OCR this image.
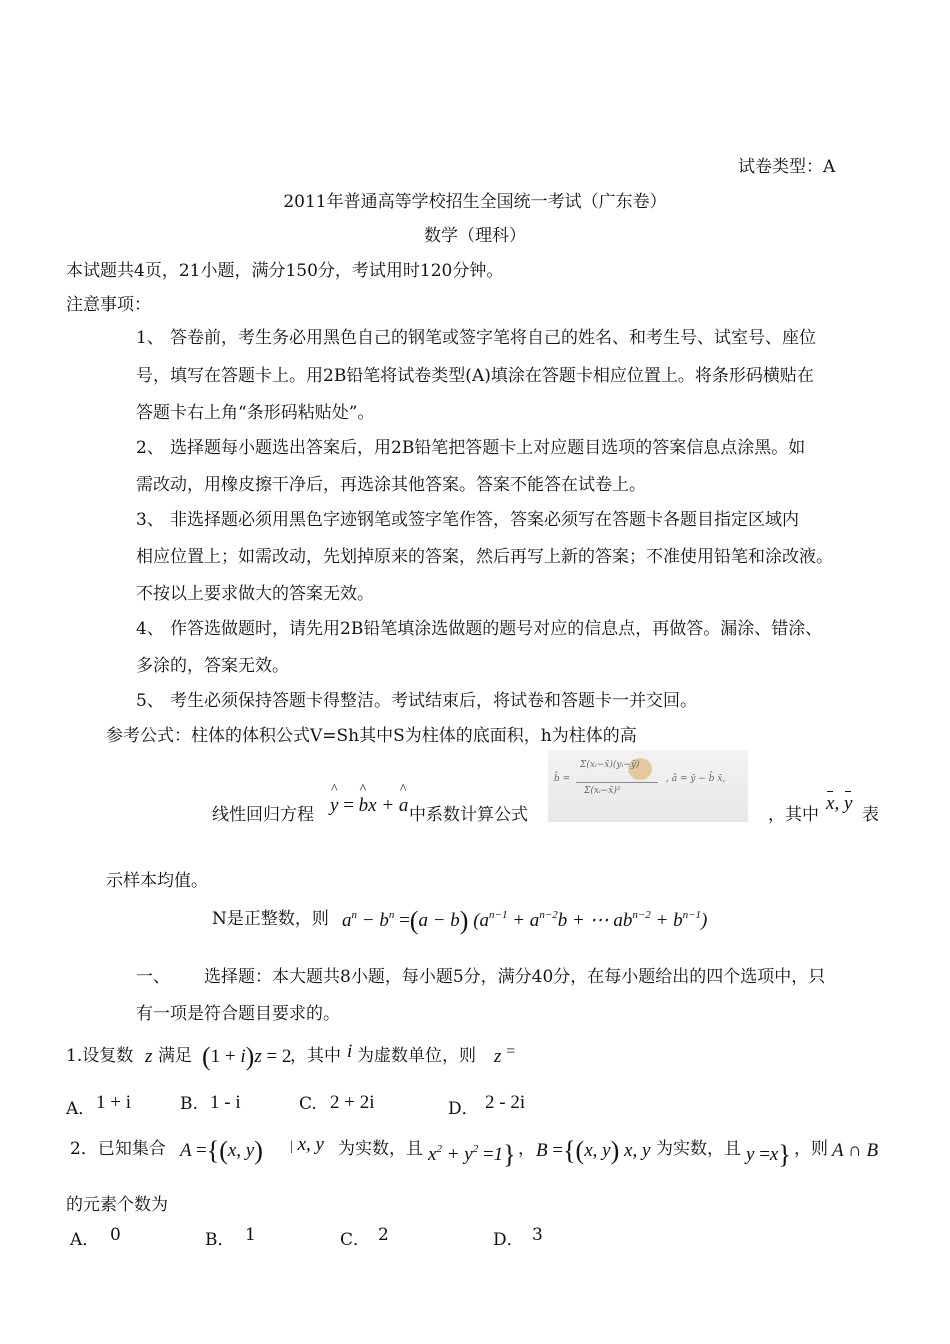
试卷类型：A
2011年普通高等学校招生全国统一考试（广东卷）
数学（理科）
本试题共4页，21小题，满分150分，考试用时120分钟。
注意事项：
1、 答卷前，考生务必用黑色自己的钢笔或签字笔将自己的姓名、和考生号、试室号、座位
号，填写在答题卡上。用2B铅笔将试卷类型(A)填涂在答题卡相应位置上。将条形码横贴在
答题卡右上角“条形码粘贴处”。
2、 选择题每小题选出答案后，用2B铅笔把答题卡上对应题目选项的答案信息点涂黑。如
需改动，用橡皮擦干净后，再选涂其他答案。答案不能答在试卷上。
3、 非选择题必须用黑色字迹钢笔或签字笔作答，答案必须写在答题卡各题目指定区域内
相应位置上；如需改动，先划掉原来的答案，然后再写上新的答案；不准使用铅笔和涂改液。
不按以上要求做大的答案无效。
4、 作答选做题时，请先用2B铅笔填涂选做题的题号对应的信息点，再做答。漏涂、错涂、
多涂的，答案无效。
5、 考生必须保持答题卡得整洁。考试结束后，将试卷和答题卡一并交回。
参考公式：柱体的体积公式V=Sh其中S为柱体的底面积，h为柱体的高
线性回归方程 ^ y = ^ bx + ^ a 中系数计算公式
b̂ =
Σ(xᵢ−x̄)(yᵢ−ȳ)
Σ(xᵢ−x̄)²
, â = ȳ − b̂ x̄,
，其中
x, y
表
示样本均值。
N是正整数，则 $a^n - b^n =(a - b) (a^{n-1} + a^{n-2}b$ + ⋯ $ab^{n-2} + b^{n-1}$)
一、 选择题：本大题共8小题，每小题5分，满分40分，在每小题给出的四个选项中，只
有一项是符合题目要求的。
1.设复数 z 满足 (1 + i)z = 2
，其中 i 为虚数单位，则 z =
A． 1 + i	B. 1 - i	C. 2 + 2i	D． 2 - 2i
2．已知集合 A ={(x, y) | x, y 为实数，且 $x^2 + y^2 =1$} ， B ={(x, y) x, y 为实数，且 y =x} ，则 A ∩ B
的元素个数为
A． 0	B． 1	C． 2	D． 3
